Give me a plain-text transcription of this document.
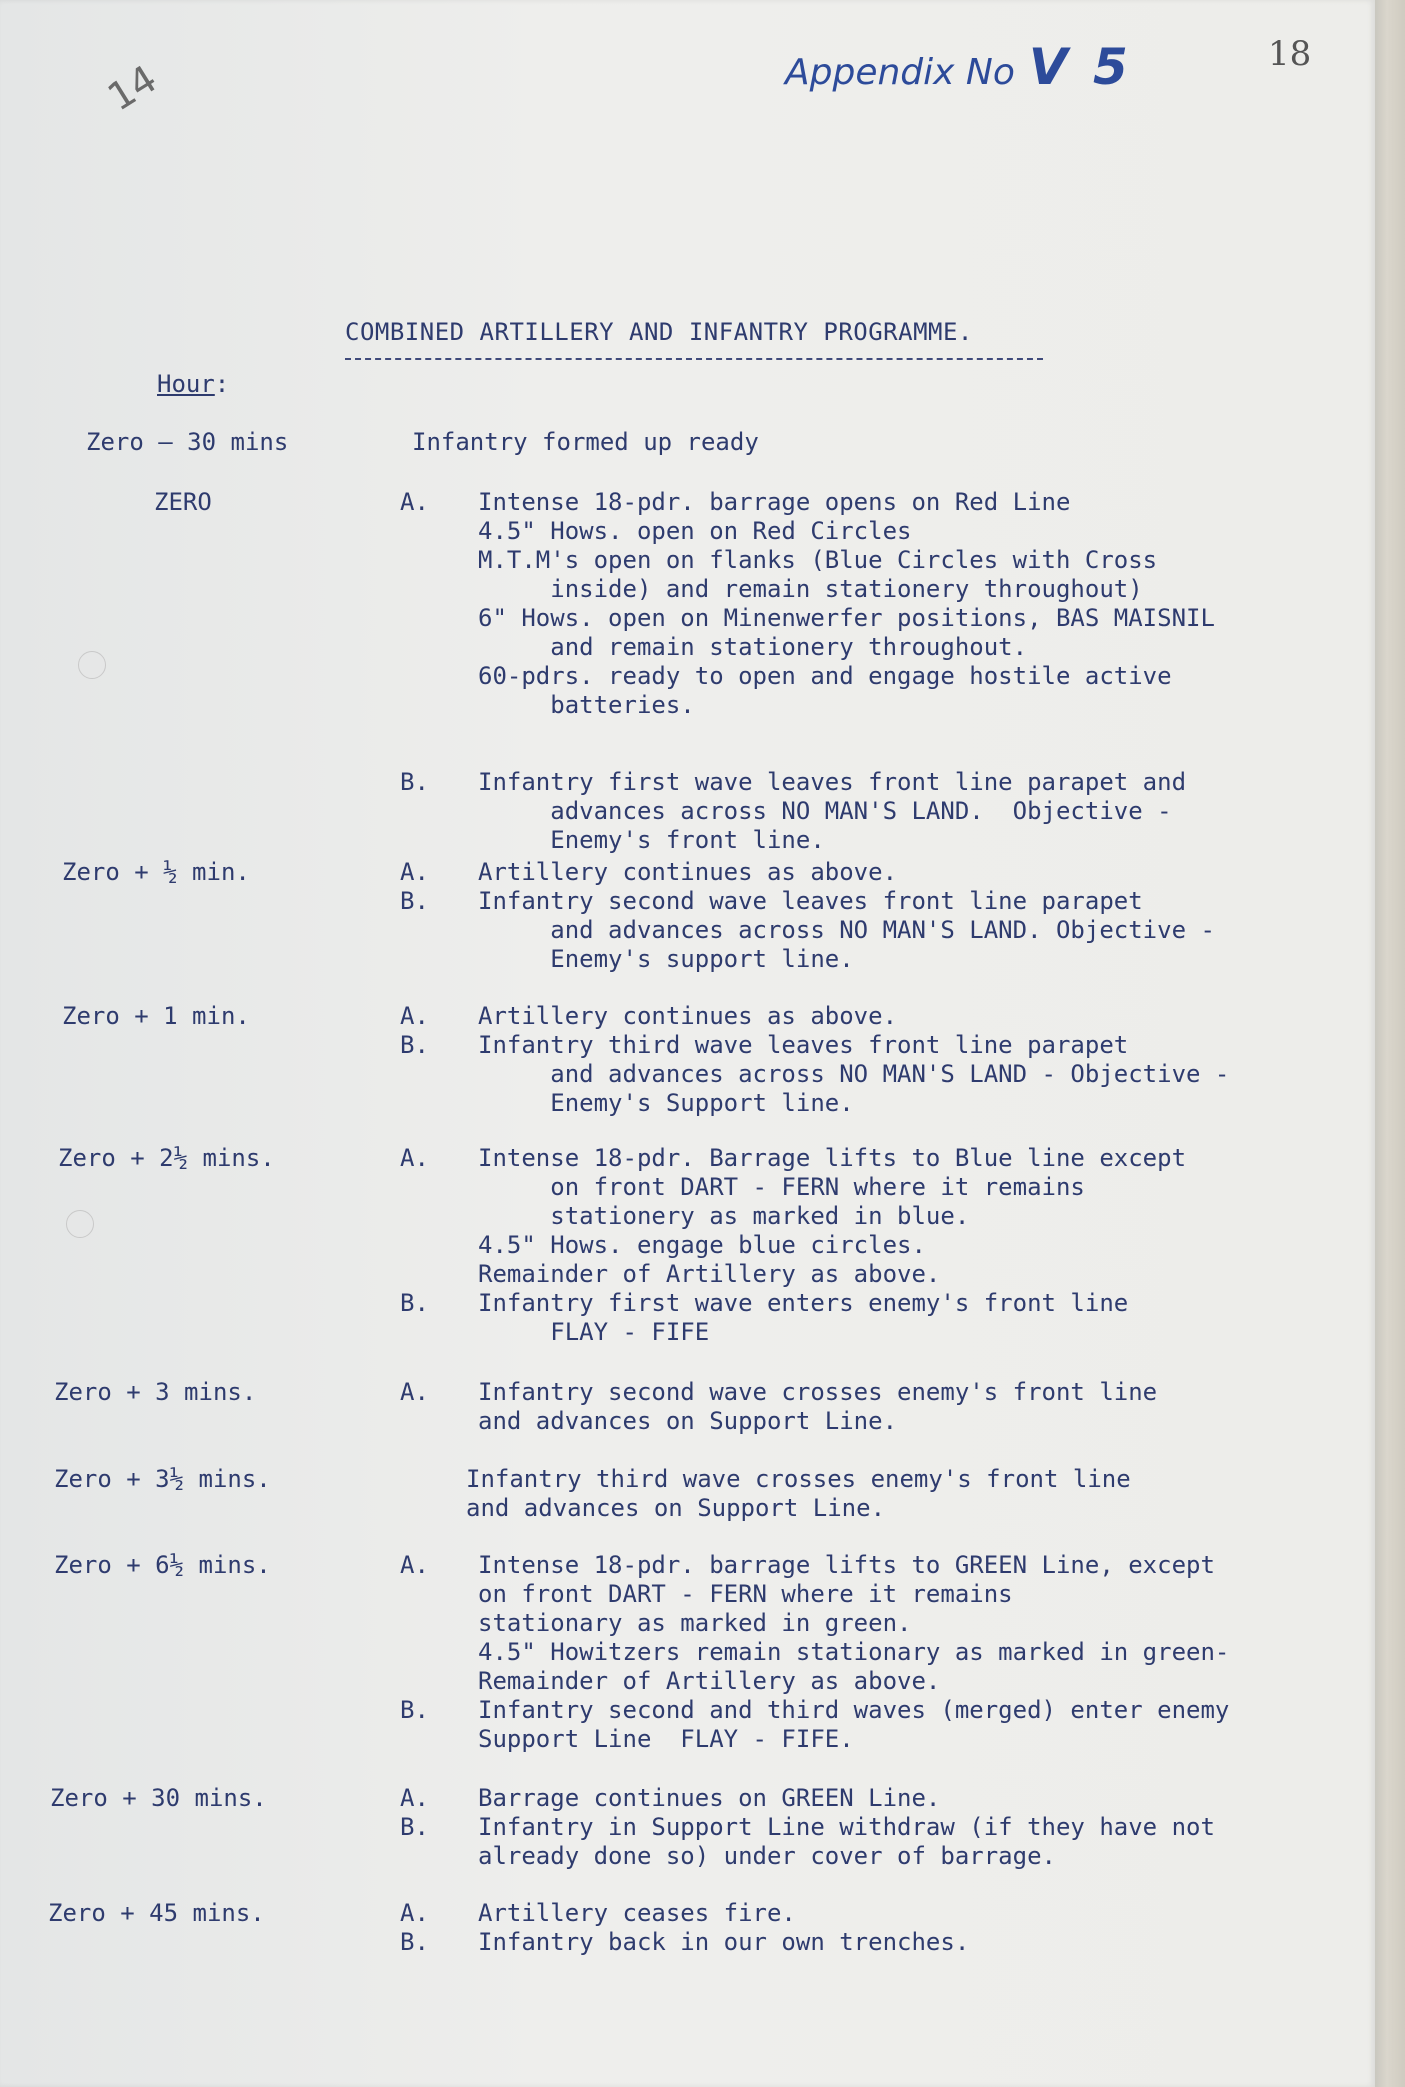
14	Appendix No V 5	18
COMBINED ARTILLERY AND INFANTRY PROGRAMME.
Hour:
Zero — 30 mins	Infantry formed up ready
ZERO	A. Intense 18-pdr. barrage opens on Red Line
4.5" Hows. open on Red Circles
M.T.M's open on flanks (Blue Circles with Cross
inside) and remain stationery throughout)
6" Hows. open on Minenwerfer positions, BAS MAISNIL
and remain stationery throughout.
60-pdrs. ready to open and engage hostile active
batteries.
B. Infantry first wave leaves front line parapet and
advances across NO MAN'S LAND.  Objective -
Enemy's front line.
Zero + ½ min.	A. Artillery continues as above.
B. Infantry second wave leaves front line parapet
and advances across NO MAN'S LAND. Objective -
Enemy's support line.
Zero + 1 min.	A. Artillery continues as above.
B. Infantry third wave leaves front line parapet
and advances across NO MAN'S LAND - Objective -
Enemy's Support line.
Zero + 2½ mins.	A. Intense 18-pdr. Barrage lifts to Blue line except
on front DART - FERN where it remains
stationery as marked in blue.
4.5" Hows. engage blue circles.
Remainder of Artillery as above.
B. Infantry first wave enters enemy's front line
FLAY - FIFE
Zero + 3 mins.	A. Infantry second wave crosses enemy's front line
and advances on Support Line.
Zero + 3½ mins.	Infantry third wave crosses enemy's front line
and advances on Support Line.
Zero + 6½ mins.	A. Intense 18-pdr. barrage lifts to GREEN Line, except
on front DART - FERN where it remains
stationary as marked in green.
4.5" Howitzers remain stationary as marked in green-
Remainder of Artillery as above.
B. Infantry second and third waves (merged) enter enemy
Support Line  FLAY - FIFE.
Zero + 30 mins.	A. Barrage continues on GREEN Line.
B. Infantry in Support Line withdraw (if they have not
already done so) under cover of barrage.
Zero + 45 mins.	A. Artillery ceases fire.
B. Infantry back in our own trenches.
